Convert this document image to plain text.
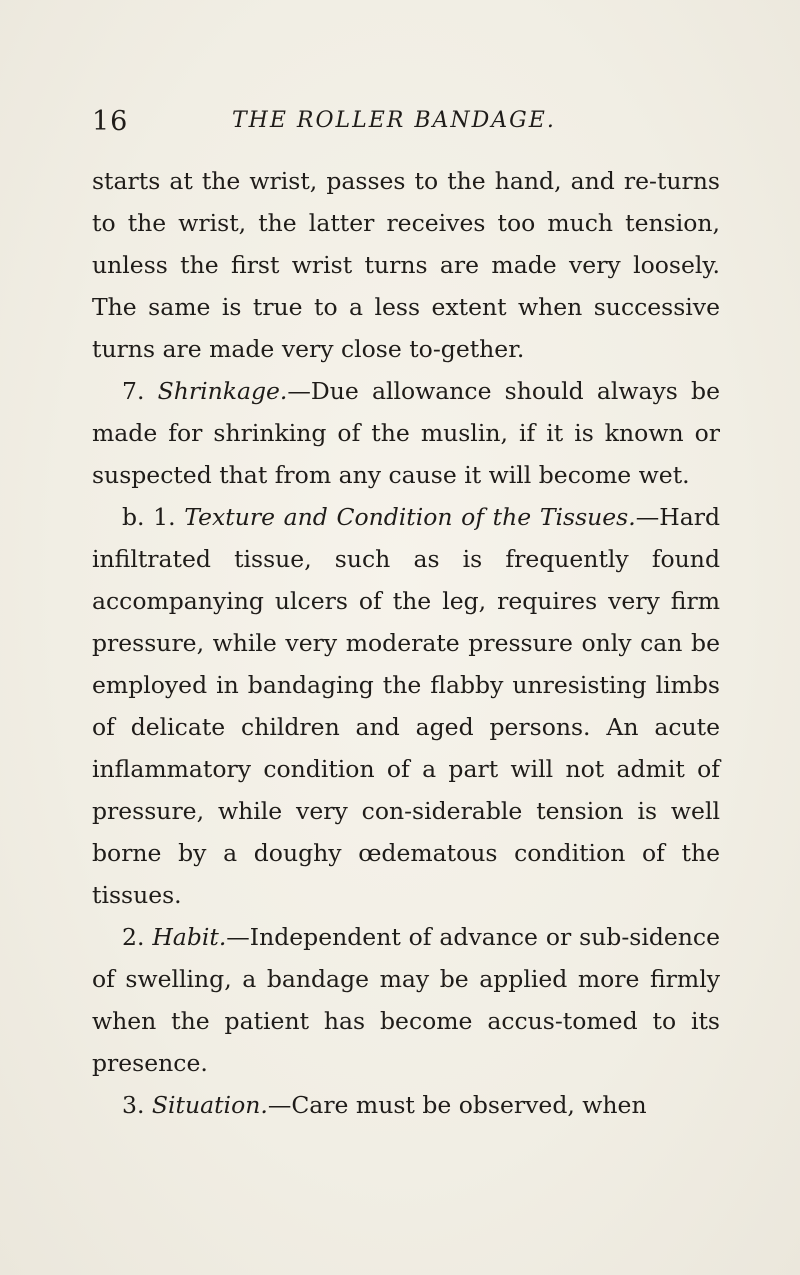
16	THE ROLLER BANDAGE.

starts at the wrist, passes to the hand, and re-turns to the wrist, the latter receives too much tension, unless the first wrist turns are made very loosely. The same is true to a less extent when successive turns are made very close to-gether.

7. Shrinkage.—Due allowance should always be made for shrinking of the muslin, if it is known or suspected that from any cause it will become wet.

b. 1. Texture and Condition of the Tissues.—Hard infiltrated tissue, such as is frequently found accompanying ulcers of the leg, requires very firm pressure, while very moderate pressure only can be employed in bandaging the flabby unresisting limbs of delicate children and aged persons. An acute inflammatory condition of a part will not admit of pressure, while very con-siderable tension is well borne by a doughy œdematous condition of the tissues.

2. Habit.—Independent of advance or sub-sidence of swelling, a bandage may be applied more firmly when the patient has become accus-tomed to its presence.

3. Situation.—Care must be observed, when
